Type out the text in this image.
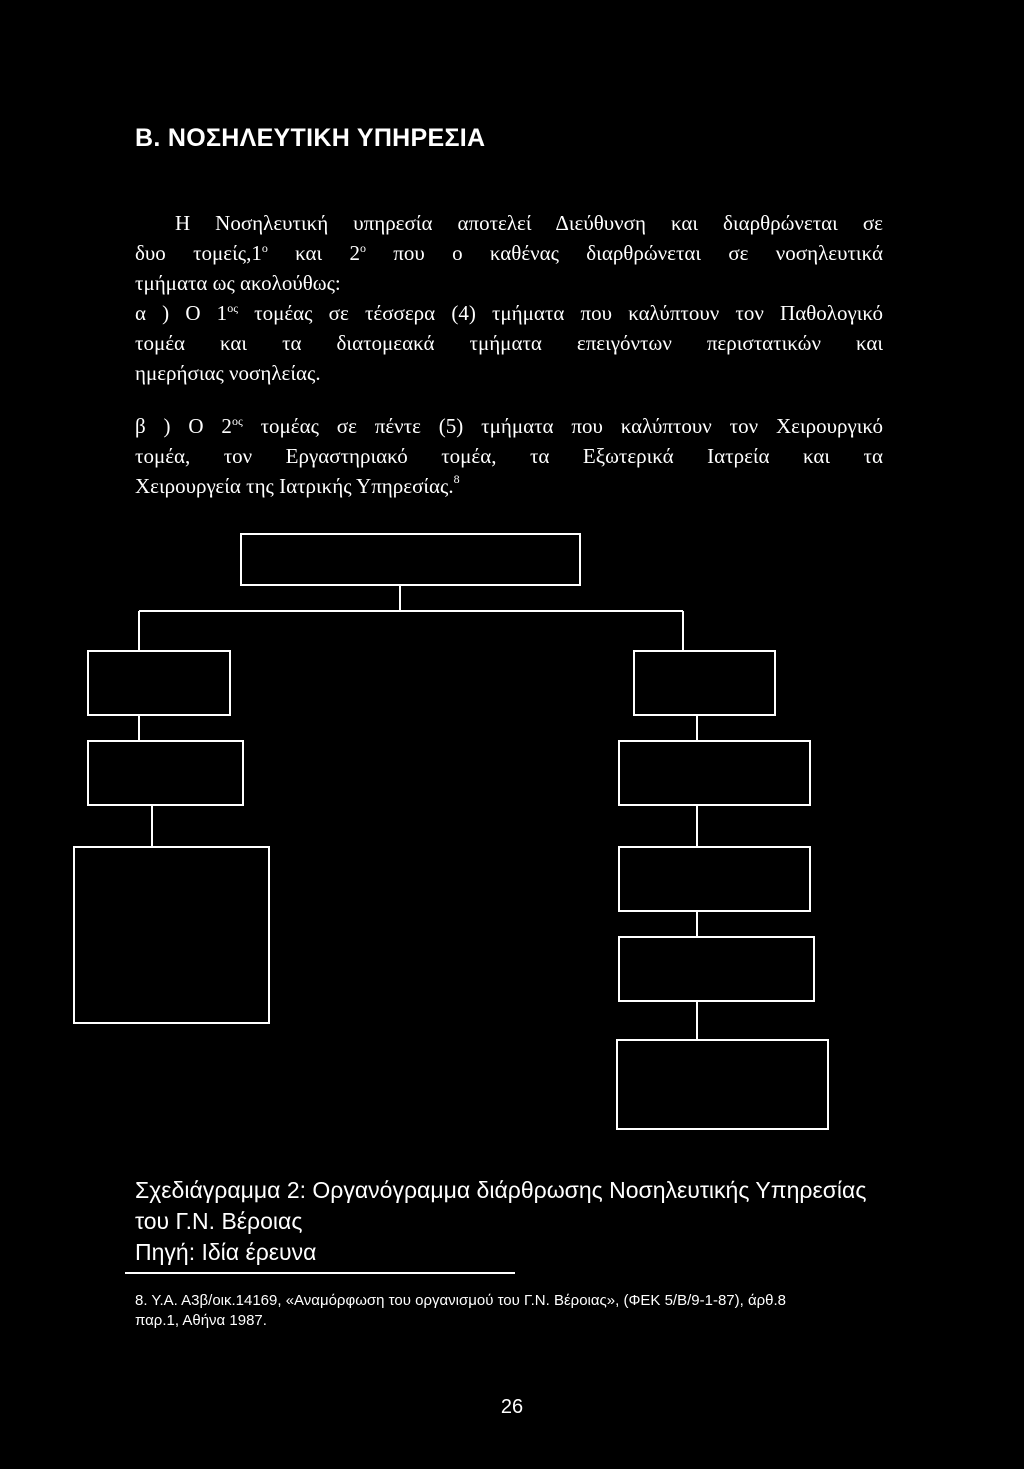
Β. ΝΟΣΗΛΕΥΤΙΚΗ ΥΠΗΡΕΣΙΑ
Η Νοσηλευτική υπηρεσία αποτελεί Διεύθυνση και διαρθρώνεται σε
δυο $\tau o\mu\varepsilon ί\varsigma,1^o$ και $2^o$ που ο καθένας διαρθρώνεται σε νοσηλευτικά
τμήματα ως ακολούθως:
α ) Ο $1^{o\varsigma}$ τομέας σε τέσσερα (4) τμήματα που καλύπτουν τον Παθολογικό
τομέα και τα διατομεακά τμήματα επειγόντων περιστατικών και
ημερήσιας νοσηλείας.
β ) Ο $2^{o\varsigma}$ τομέας σε πέντε (5) τμήματα που καλύπτουν τον Χειρουργικό
τομέα, τον Εργαστηριακό τομέα, τα Εξωτερικά Ιατρεία και τα
Χειρουργεία της Ιατρικής Υπηρεσίας.$^8$
Σχεδιάγραμμα 2: Οργανόγραμμα διάρθρωσης Νοσηλευτικής Υπηρεσίας
του Γ.Ν. Βέροιας
Πηγή: Ιδία έρευνα
8. Υ.Α. Α3β/οικ.14169, «Αναμόρφωση του οργανισμού του Γ.Ν. Βέροιας», (ΦΕΚ 5/Β/9-1-87), άρθ.8
παρ.1, Αθήνα 1987.
26
